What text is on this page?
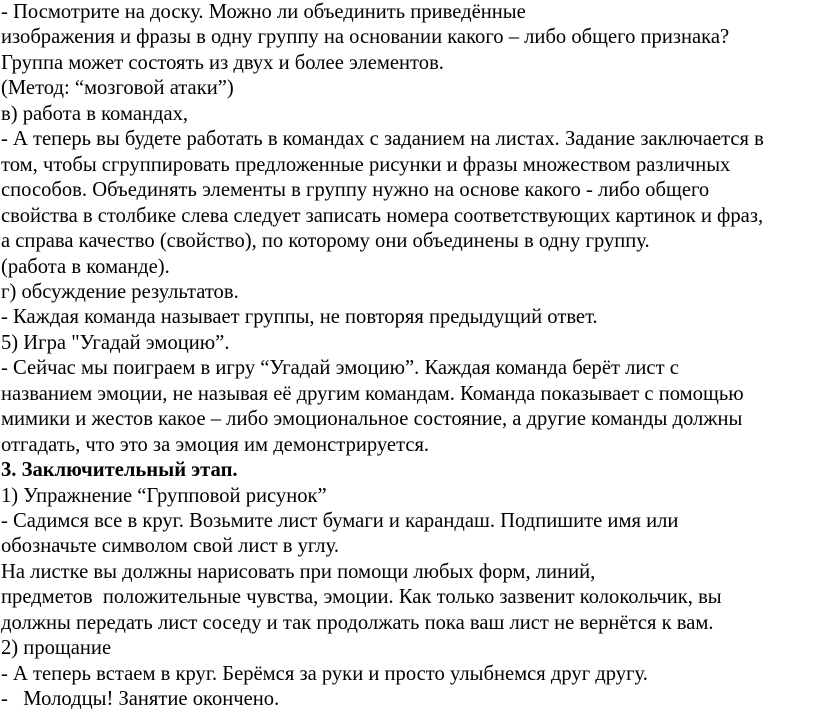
- Посмотрите на доску. Можно ли объединить приведённые
изображения и фразы в одну группу на основании какого – либо общего признака?
Группа может состоять из двух и более элементов.
(Метод: “мозговой атаки”)
в) работа в командах,
- А теперь вы будете работать в командах с заданием на листах. Задание заключается в
том, чтобы сгруппировать предложенные рисунки и фразы множеством различных
способов. Объединять элементы в группу нужно на основе какого - либо общего
свойства в столбике слева следует записать номера соответствующих картинок и фраз,
а справа качество (свойство), по которому они объединены в одну группу.
(работа в команде).
г) обсуждение результатов.
- Каждая команда называет группы, не повторяя предыдущий ответ.
5) Игра "Угадай эмоцию”.
- Сейчас мы поиграем в игру “Угадай эмоцию”. Каждая команда берёт лист с
названием эмоции, не называя её другим командам. Команда показывает с помощью
мимики и жестов какое – либо эмоциональное состояние, а другие команды должны
отгадать, что это за эмоция им демонстрируется.
3. Заключительный этап.
1) Упражнение “Групповой рисунок”
- Садимся все в круг. Возьмите лист бумаги и карандаш. Подпишите имя или
обозначьте символом свой лист в углу.
На листке вы должны нарисовать при помощи любых форм, линий,
предметов  положительные чувства, эмоции. Как только зазвенит колокольчик, вы
должны передать лист соседу и так продолжать пока ваш лист не вернётся к вам.
2) прощание
- А теперь встаем в круг. Берёмся за руки и просто улыбнемся друг другу.
-   Молодцы! Занятие окончено.
